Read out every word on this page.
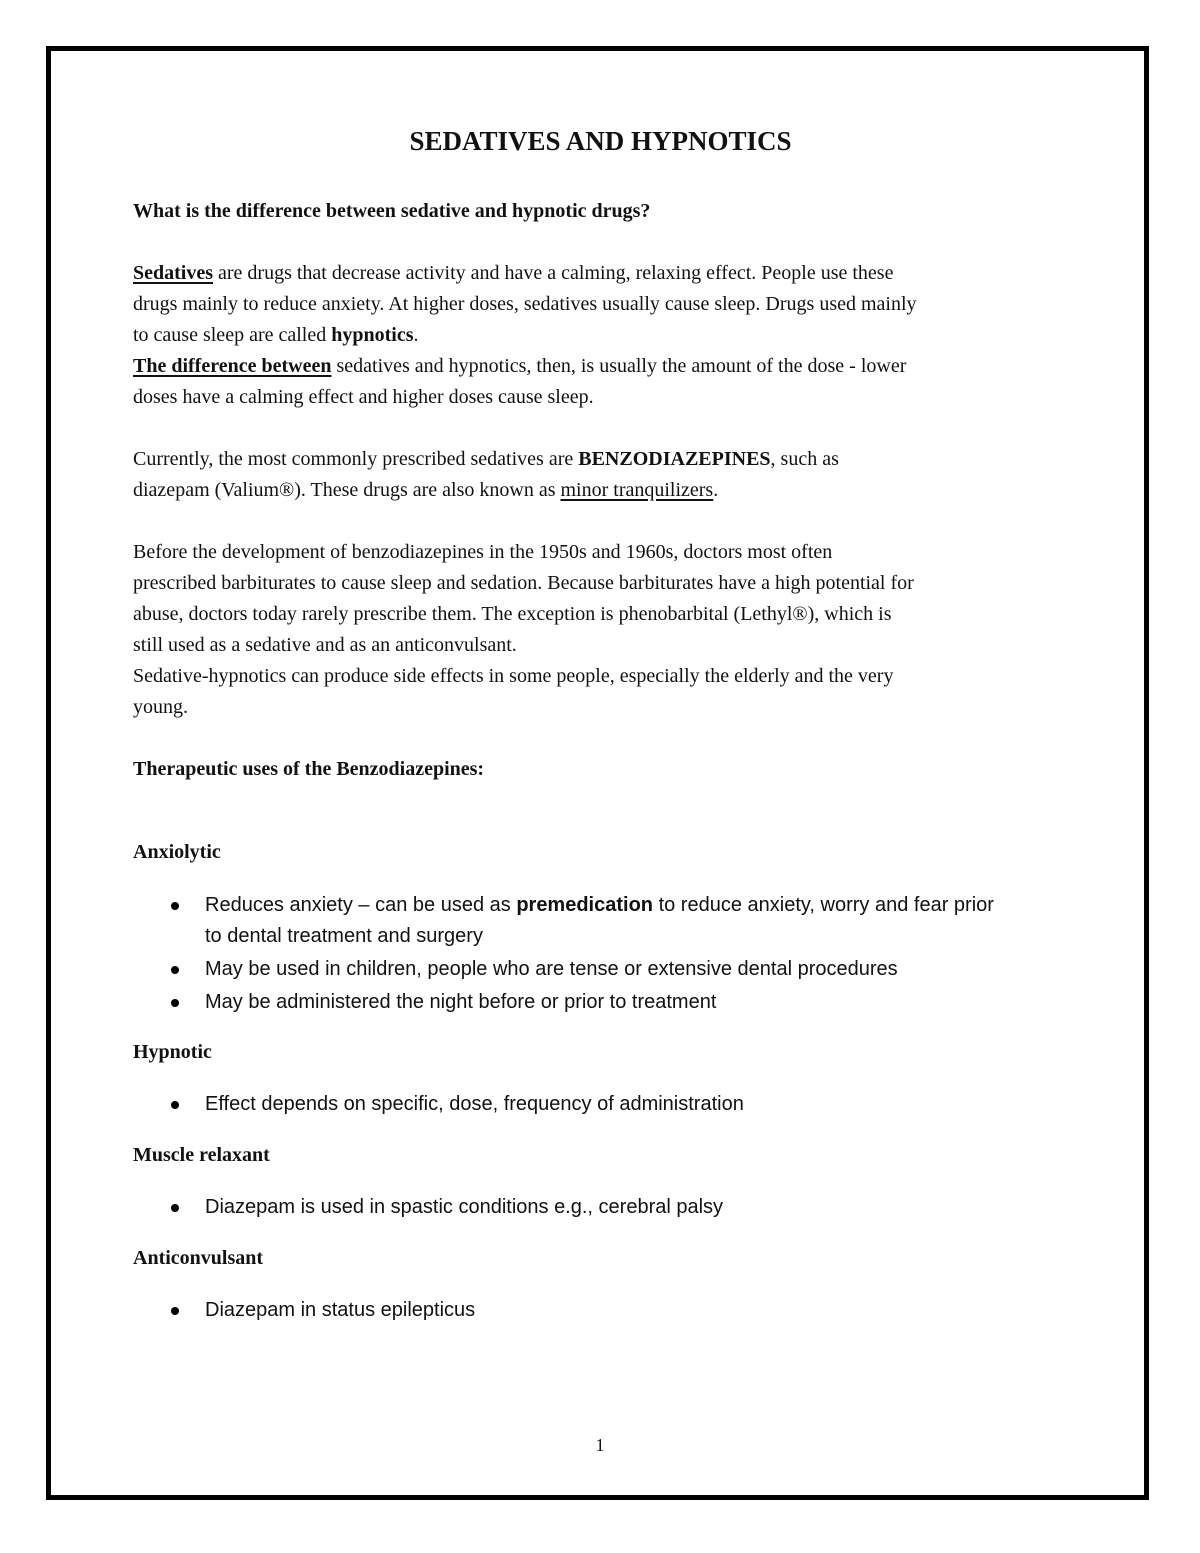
SEDATIVES AND HYPNOTICS

What is the difference between sedative and hypnotic drugs?

Sedatives are drugs that decrease activity and have a calming, relaxing effect. People use these
drugs mainly to reduce anxiety. At higher doses, sedatives usually cause sleep. Drugs used mainly
to cause sleep are called hypnotics.
The difference between sedatives and hypnotics, then, is usually the amount of the dose - lower
doses have a calming effect and higher doses cause sleep.

Currently, the most commonly prescribed sedatives are BENZODIAZEPINES, such as
diazepam (Valium®). These drugs are also known as minor tranquilizers.

Before the development of benzodiazepines in the 1950s and 1960s, doctors most often
prescribed barbiturates to cause sleep and sedation. Because barbiturates have a high potential for
abuse, doctors today rarely prescribe them. The exception is phenobarbital (Lethyl®), which is
still used as a sedative and as an anticonvulsant.
Sedative-hypnotics can produce side effects in some people, especially the elderly and the very
young.

Therapeutic uses of the Benzodiazepines:

Anxiolytic

Reduces anxiety – can be used as premedication to reduce anxiety, worry and fear prior
to dental treatment and surgery
May be used in children, people who are tense or extensive dental procedures
May be administered the night before or prior to treatment

Hypnotic

Effect depends on specific, dose, frequency of administration

Muscle relaxant

Diazepam is used in spastic conditions e.g., cerebral palsy

Anticonvulsant

Diazepam in status epilepticus
1
